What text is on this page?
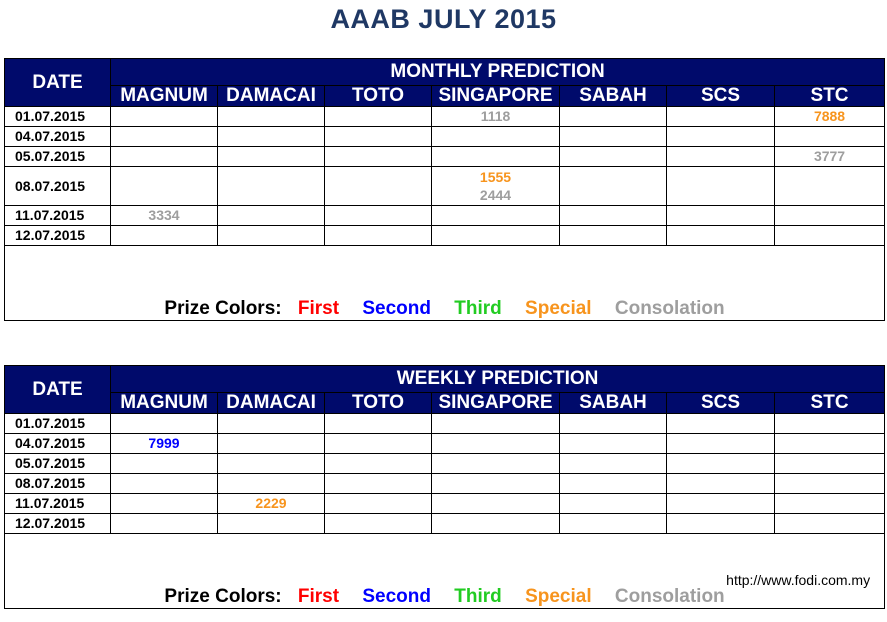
AAAB JULY 2015
DATE	MONTHLY PREDICTION						
	MAGNUM	DAMACAI	TOTO	SINGAPORE	SABAH	SCS	STC
01.07.2015				1118			7888

04.07.2015							
05.07.2015							3777

08.07.2015				1555
2444			

11.07.2015	3334						

12.07.2015							

Prize Colors: First Second Third Special Consolation							
DATE	WEEKLY PREDICTION						
	MAGNUM	DAMACAI	TOTO	SINGAPORE	SABAH	SCS	STC
01.07.2015							
04.07.2015	7999						

05.07.2015							
08.07.2015							
11.07.2015		2229					

12.07.2015							

Prize Colors: First Second Third Special Consolation
http://www.fodi.com.my							
